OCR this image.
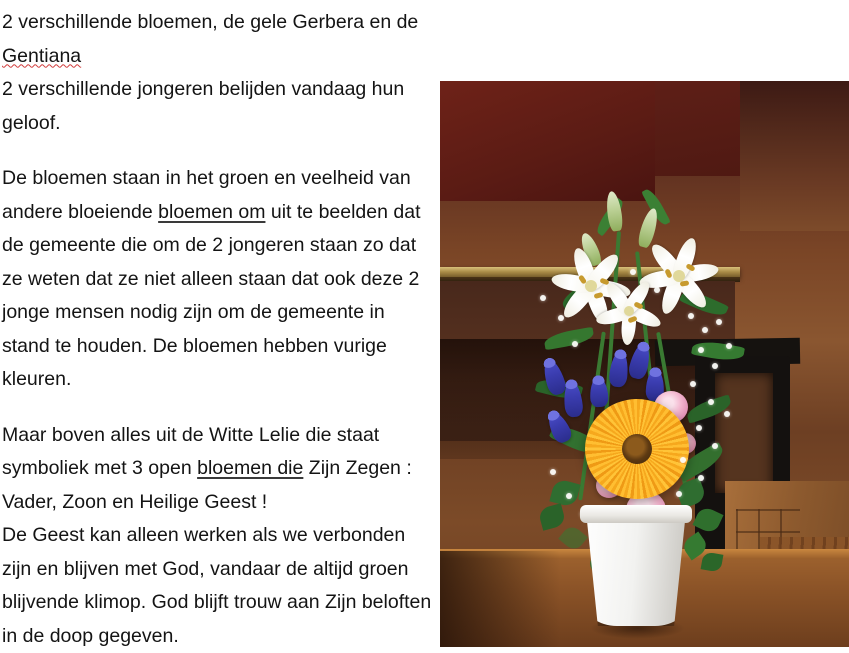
2 verschillende bloemen, de gele Gerbera en de Gentiana

2 verschillende jongeren belijden vandaag hun geloof.

De bloemen staan in het groen en veelheid van andere bloeiende bloemen om uit te beelden dat de gemeente die om de 2 jongeren staan zo dat ze weten dat ze niet alleen staan dat ook deze 2 jonge mensen nodig zijn om de gemeente in stand te houden. De bloemen hebben vurige kleuren.

Maar boven alles uit de Witte Lelie die staat symboliek met 3 open bloemen die Zijn Zegen : Vader, Zoon en Heilige Geest !

De Geest kan alleen werken als we verbonden zijn en blijven met God, vandaar de altijd groen blijvende klimop. God blijft trouw aan Zijn beloften in de doop gegeven.
